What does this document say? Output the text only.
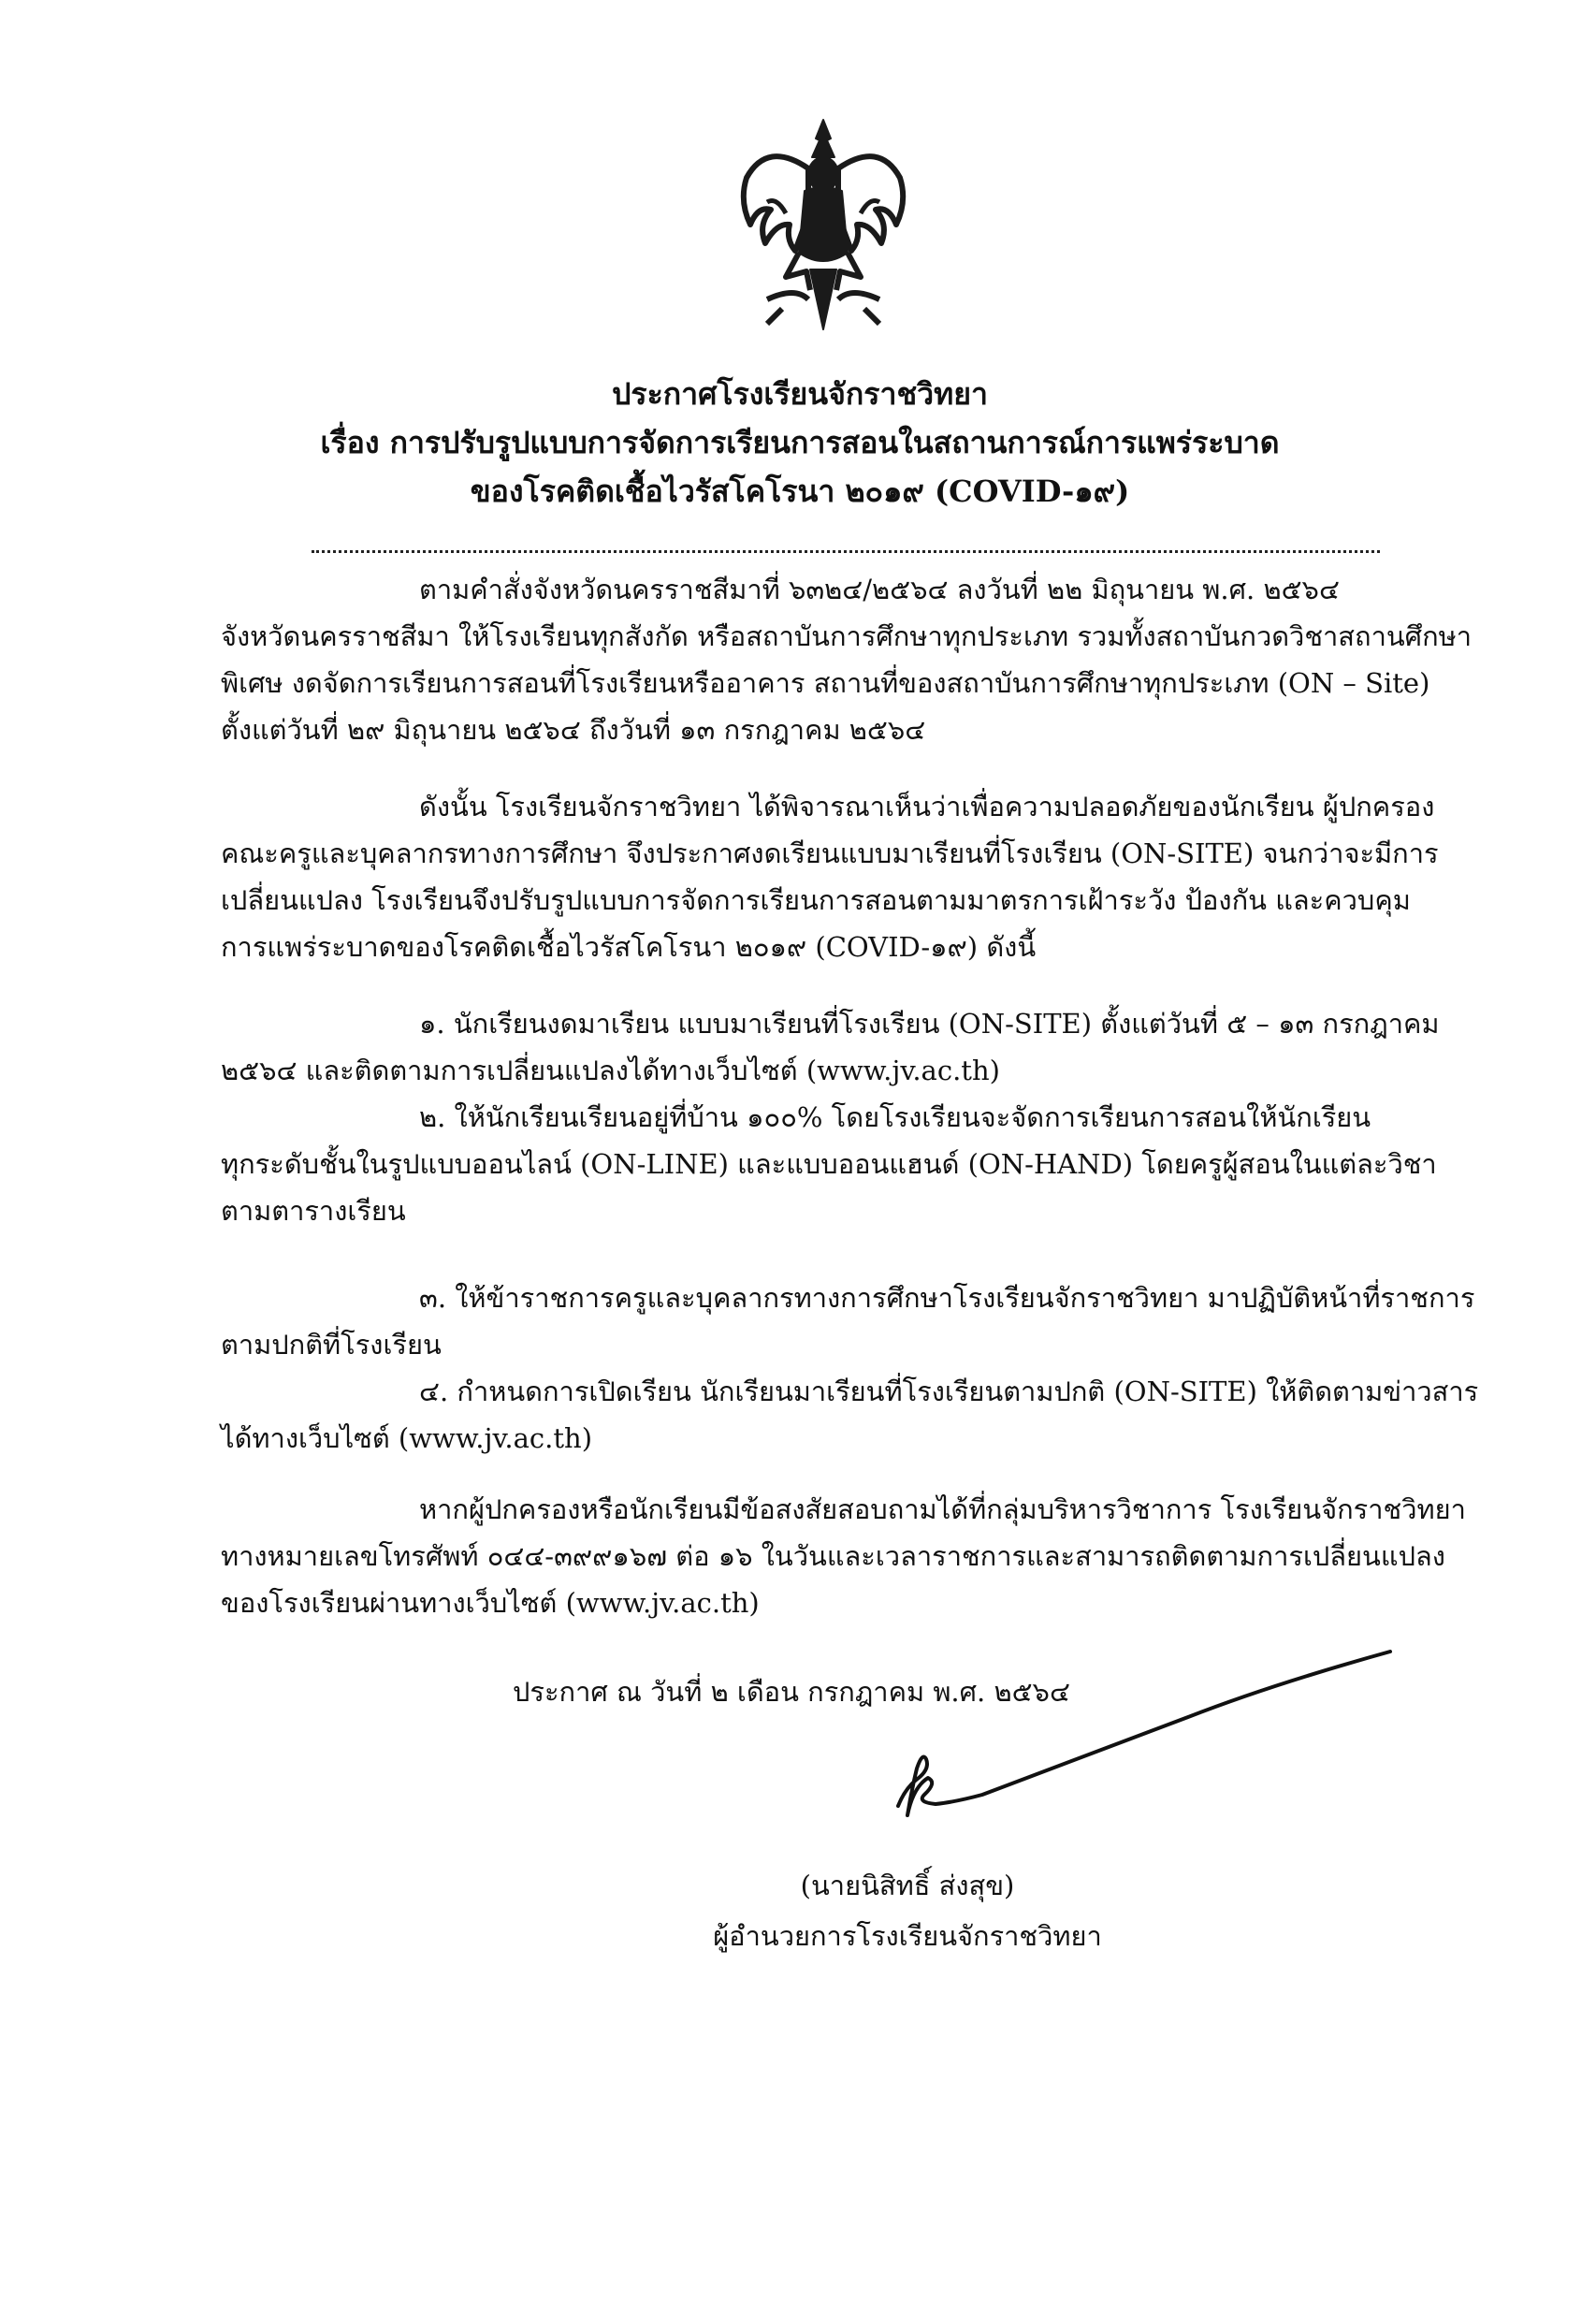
ประกาศโรงเรียนจักราชวิทยา
เรื่อง การปรับรูปแบบการจัดการเรียนการสอนในสถานการณ์การแพร่ระบาด
ของโรคติดเชื้อไวรัสโคโรนา ๒๐๑๙ (COVID-๑๙)

ตามคำสั่งจังหวัดนครราชสีมาที่ ๖๓๒๔/๒๕๖๔ ลงวันที่ ๒๒ มิถุนายน พ.ศ. ๒๕๖๔

จังหวัดนครราชสีมา ให้โรงเรียนทุกสังกัด หรือสถาบันการศึกษาทุกประเภท รวมทั้งสถาบันกวดวิชาสถานศึกษา

พิเศษ งดจัดการเรียนการสอนที่โรงเรียนหรืออาคาร สถานที่ของสถาบันการศึกษาทุกประเภท (ON – Site)

ตั้งแต่วันที่ ๒๙ มิถุนายน ๒๕๖๔ ถึงวันที่ ๑๓ กรกฎาคม ๒๕๖๔

ดังนั้น โรงเรียนจักราชวิทยา ได้พิจารณาเห็นว่าเพื่อความปลอดภัยของนักเรียน ผู้ปกครอง

คณะครูและบุคลากรทางการศึกษา จึงประกาศงดเรียนแบบมาเรียนที่โรงเรียน (ON-SITE) จนกว่าจะมีการ

เปลี่ยนแปลง โรงเรียนจึงปรับรูปแบบการจัดการเรียนการสอนตามมาตรการเฝ้าระวัง ป้องกัน และควบคุม

การแพร่ระบาดของโรคติดเชื้อไวรัสโคโรนา ๒๐๑๙ (COVID-๑๙) ดังนี้

๑. นักเรียนงดมาเรียน แบบมาเรียนที่โรงเรียน (ON-SITE) ตั้งแต่วันที่ ๕ – ๑๓ กรกฎาคม

๒๕๖๔ และติดตามการเปลี่ยนแปลงได้ทางเว็บไซต์ (www.jv.ac.th)

๒. ให้นักเรียนเรียนอยู่ที่บ้าน ๑๐๐% โดยโรงเรียนจะจัดการเรียนการสอนให้นักเรียน

ทุกระดับชั้นในรูปแบบออนไลน์ (ON-LINE) และแบบออนแฮนด์ (ON-HAND) โดยครูผู้สอนในแต่ละวิชา

ตามตารางเรียน

๓. ให้ข้าราชการครูและบุคลากรทางการศึกษาโรงเรียนจักราชวิทยา มาปฏิบัติหน้าที่ราชการ

ตามปกติที่โรงเรียน

๔. กำหนดการเปิดเรียน นักเรียนมาเรียนที่โรงเรียนตามปกติ (ON-SITE) ให้ติดตามข่าวสาร

ได้ทางเว็บไซต์ (www.jv.ac.th)

หากผู้ปกครองหรือนักเรียนมีข้อสงสัยสอบถามได้ที่กลุ่มบริหารวิชาการ โรงเรียนจักราชวิทยา

ทางหมายเลขโทรศัพท์ ๐๔๔-๓๙๙๑๖๗ ต่อ ๑๖ ในวันและเวลาราชการและสามารถติดตามการเปลี่ยนแปลง

ของโรงเรียนผ่านทางเว็บไซต์ (www.jv.ac.th)

ประกาศ ณ วันที่ ๒ เดือน กรกฎาคม พ.ศ. ๒๕๖๔
(นายนิสิทธิ์ ส่งสุข)
ผู้อำนวยการโรงเรียนจักราชวิทยา
